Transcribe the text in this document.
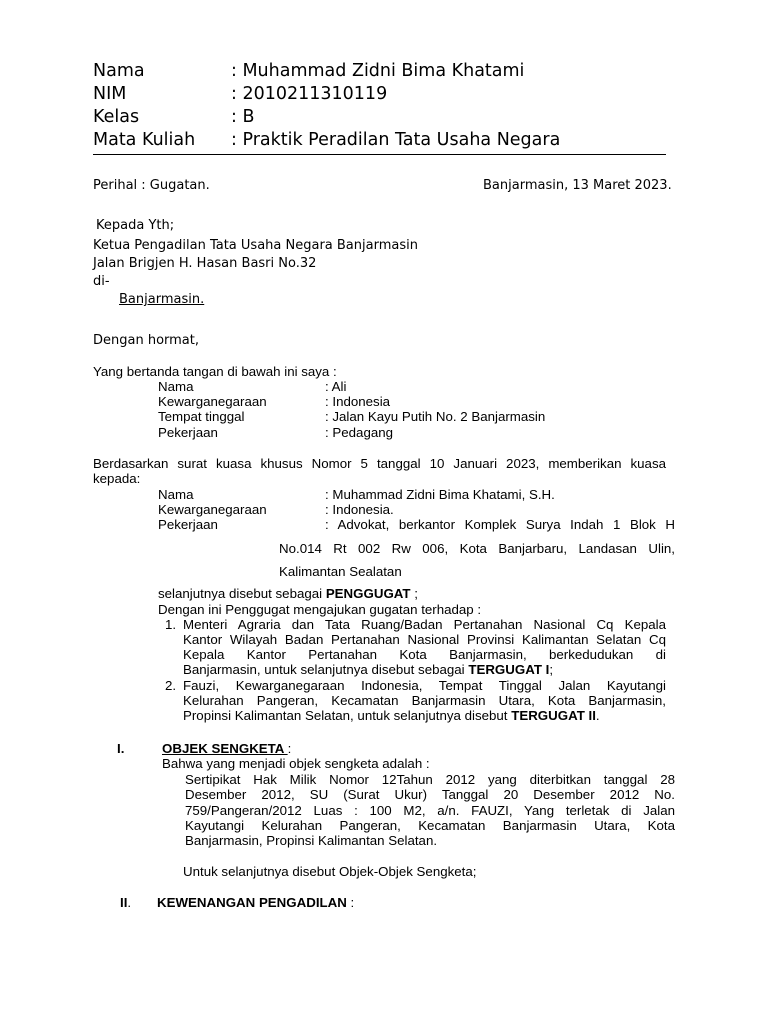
Nama	: Muhammad Zidni Bima Khatami
NIM	: 2010211310119
Kelas	: B
Mata Kuliah : Praktik Peradilan Tata Usaha Negara
Perihal : Gugatan.	Banjarmasin, 13 Maret 2023.
Kepada Yth;
Ketua Pengadilan Tata Usaha Negara Banjarmasin
Jalan Brigjen H. Hasan Basri No.32
di-
Banjarmasin.
Dengan hormat,
Yang bertanda tangan di bawah ini saya :
Nama	: Ali
Kewarganegaraan	: Indonesia
Tempat tinggal	: Jalan Kayu Putih No. 2 Banjarmasin
Pekerjaan	: Pedagang
Berdasarkan surat kuasa khusus Nomor 5 tanggal 10 Januari 2023, memberikan kuasa
kepada:
Nama	: Muhammad Zidni Bima Khatami, S.H.
Kewarganegaraan	: Indonesia.
Pekerjaan	: Advokat, berkantor Komplek Surya Indah 1 Blok H
No.014 Rt 002 Rw 006, Kota Banjarbaru, Landasan Ulin,
Kalimantan Sealatan
selanjutnya disebut sebagai PENGGUGAT ;
Dengan ini Penggugat mengajukan gugatan terhadap :
1. Menteri Agraria dan Tata Ruang/Badan Pertanahan Nasional Cq Kepala
Kantor Wilayah Badan Pertanahan Nasional Provinsi Kalimantan Selatan Cq
Kepala Kantor Pertanahan Kota Banjarmasin, berkedudukan di
Banjarmasin, untuk selanjutnya disebut sebagai TERGUGAT I;
2. Fauzi, Kewarganegaraan Indonesia, Tempat Tinggal Jalan Kayutangi
Kelurahan Pangeran, Kecamatan Banjarmasin Utara, Kota Banjarmasin,
Propinsi Kalimantan Selatan, untuk selanjutnya disebut TERGUGAT II.
I.	OBJEK SENGKETA :
Bahwa yang menjadi objek sengketa adalah :
Sertipikat Hak Milik Nomor 12Tahun 2012 yang diterbitkan tanggal 28
Desember 2012, SU (Surat Ukur) Tanggal 20 Desember 2012 No.
759/Pangeran/2012 Luas : 100 M2, a/n. FAUZI, Yang terletak di Jalan
Kayutangi Kelurahan Pangeran, Kecamatan Banjarmasin Utara, Kota
Banjarmasin, Propinsi Kalimantan Selatan.
Untuk selanjutnya disebut Objek-Objek Sengketa;
II. KEWENANGAN PENGADILAN :
